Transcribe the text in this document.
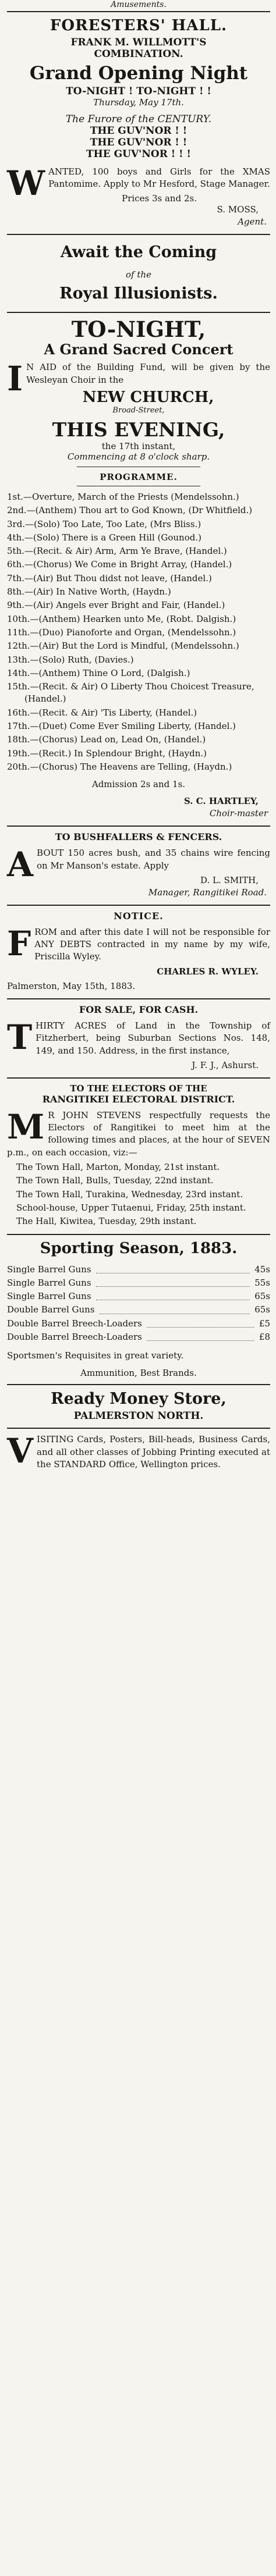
Amusements.
FORESTERS' HALL.
FRANK M. WILLMOTT'S
COMBINATION.
Grand Opening Night
TO-NIGHT ! TO-NIGHT ! !
Thursday, May 17th.
The Furore of the CENTURY.
THE GUV'NOR ! !
THE GUV'NOR ! !
THE GUV'NOR ! ! !
WANTED, 100 boys and Girls for the XMAS Pantomime. Apply to Mr Hesford, Stage Manager.
Prices 3s and 2s.
S. MOSS,
Agent.
Await the Coming
of the
Royal Illusionists.
TO-NIGHT,
A Grand Sacred Concert
IN AID of the Building Fund, will be given by the Wesleyan Choir in the
NEW CHURCH,
Broad-Street,
THIS EVENING,
the 17th instant,
Commencing at 8 o'clock sharp.
PROGRAMME.
1st.—Overture, March of the Priests (Mendelssohn.)
2nd.—(Anthem) Thou art to God Known, (Dr Whitfield.)
3rd.—(Solo) Too Late, Too Late, (Mrs Bliss.)
4th.—(Solo) There is a Green Hill (Gounod.)
5th.—(Recit. & Air) Arm, Arm Ye Brave, (Handel.)
6th.—(Chorus) We Come in Bright Array, (Handel.)
7th.—(Air) But Thou didst not leave, (Handel.)
8th.—(Air) In Native Worth, (Haydn.)
9th.—(Air) Angels ever Bright and Fair, (Handel.)
10th.—(Anthem) Hearken unto Me, (Robt. Dalgish.)
11th.—(Duo) Pianoforte and Organ, (Mendelssohn.)
12th.—(Air) But the Lord is Mindful, (Mendelssohn.)
13th.—(Solo) Ruth, (Davies.)
14th.—(Anthem) Thine O Lord, (Dalgish.)
15th.—(Recit. & Air) O Liberty Thou Choicest Treasure, (Handel.)
16th.—(Recit. & Air) 'Tis Liberty, (Handel.)
17th.—(Duet) Come Ever Smiling Liberty, (Handel.)
18th.—(Chorus) Lead on, Lead On, (Handel.)
19th.—(Recit.) In Splendour Bright, (Haydn.)
20th.—(Chorus) The Heavens are Telling, (Haydn.)
Admission 2s and 1s.
S. C. HARTLEY,
Choir-master
TO BUSHFALLERS & FENCERS.
ABOUT 150 acres bush, and 35 chains wire fencing on Mr Manson's estate. Apply
D. L. SMITH,
Manager, Rangitikei Road.
NOTICE.
FROM and after this date I will not be responsible for ANY DEBTS contracted in my name by my wife, Priscilla Wyley.
CHARLES R. WYLEY.
Palmerston, May 15th, 1883.
FOR SALE, FOR CASH.
THIRTY ACRES of Land in the Township of Fitzherbert, being Suburban Sections Nos. 148, 149, and 150. Address, in the first instance,
J. F. J., Ashurst.
TO THE ELECTORS OF THE
RANGITIKEI ELECTORAL DISTRICT.
MR JOHN STEVENS respectfully requests the Electors of Rangitikei to meet him at the following times and places, at the hour of SEVEN p.m., on each occasion, viz:—
The Town Hall, Marton, Monday, 21st instant.
The Town Hall, Bulls, Tuesday, 22nd instant.
The Town Hall, Turakina, Wednesday, 23rd instant.
School-house, Upper Tutaenui, Friday, 25th instant.
The Hall, Kiwitea, Tuesday, 29th instant.
Sporting Season, 1883.
Single Barrel Guns	45s
Single Barrel Guns	55s
Single Barrel Guns	65s
Double Barrel Guns	65s
Double Barrel Breech-Loaders	£5
Double Barrel Breech-Loaders	£8
Sportsmen's Requisites in great variety.
Ammunition, Best Brands.
Ready Money Store,
PALMERSTON NORTH.
VISITING Cards, Posters, Bill-heads, Business Cards, and all other classes of Jobbing Printing executed at the STANDARD Office, Wellington prices.
